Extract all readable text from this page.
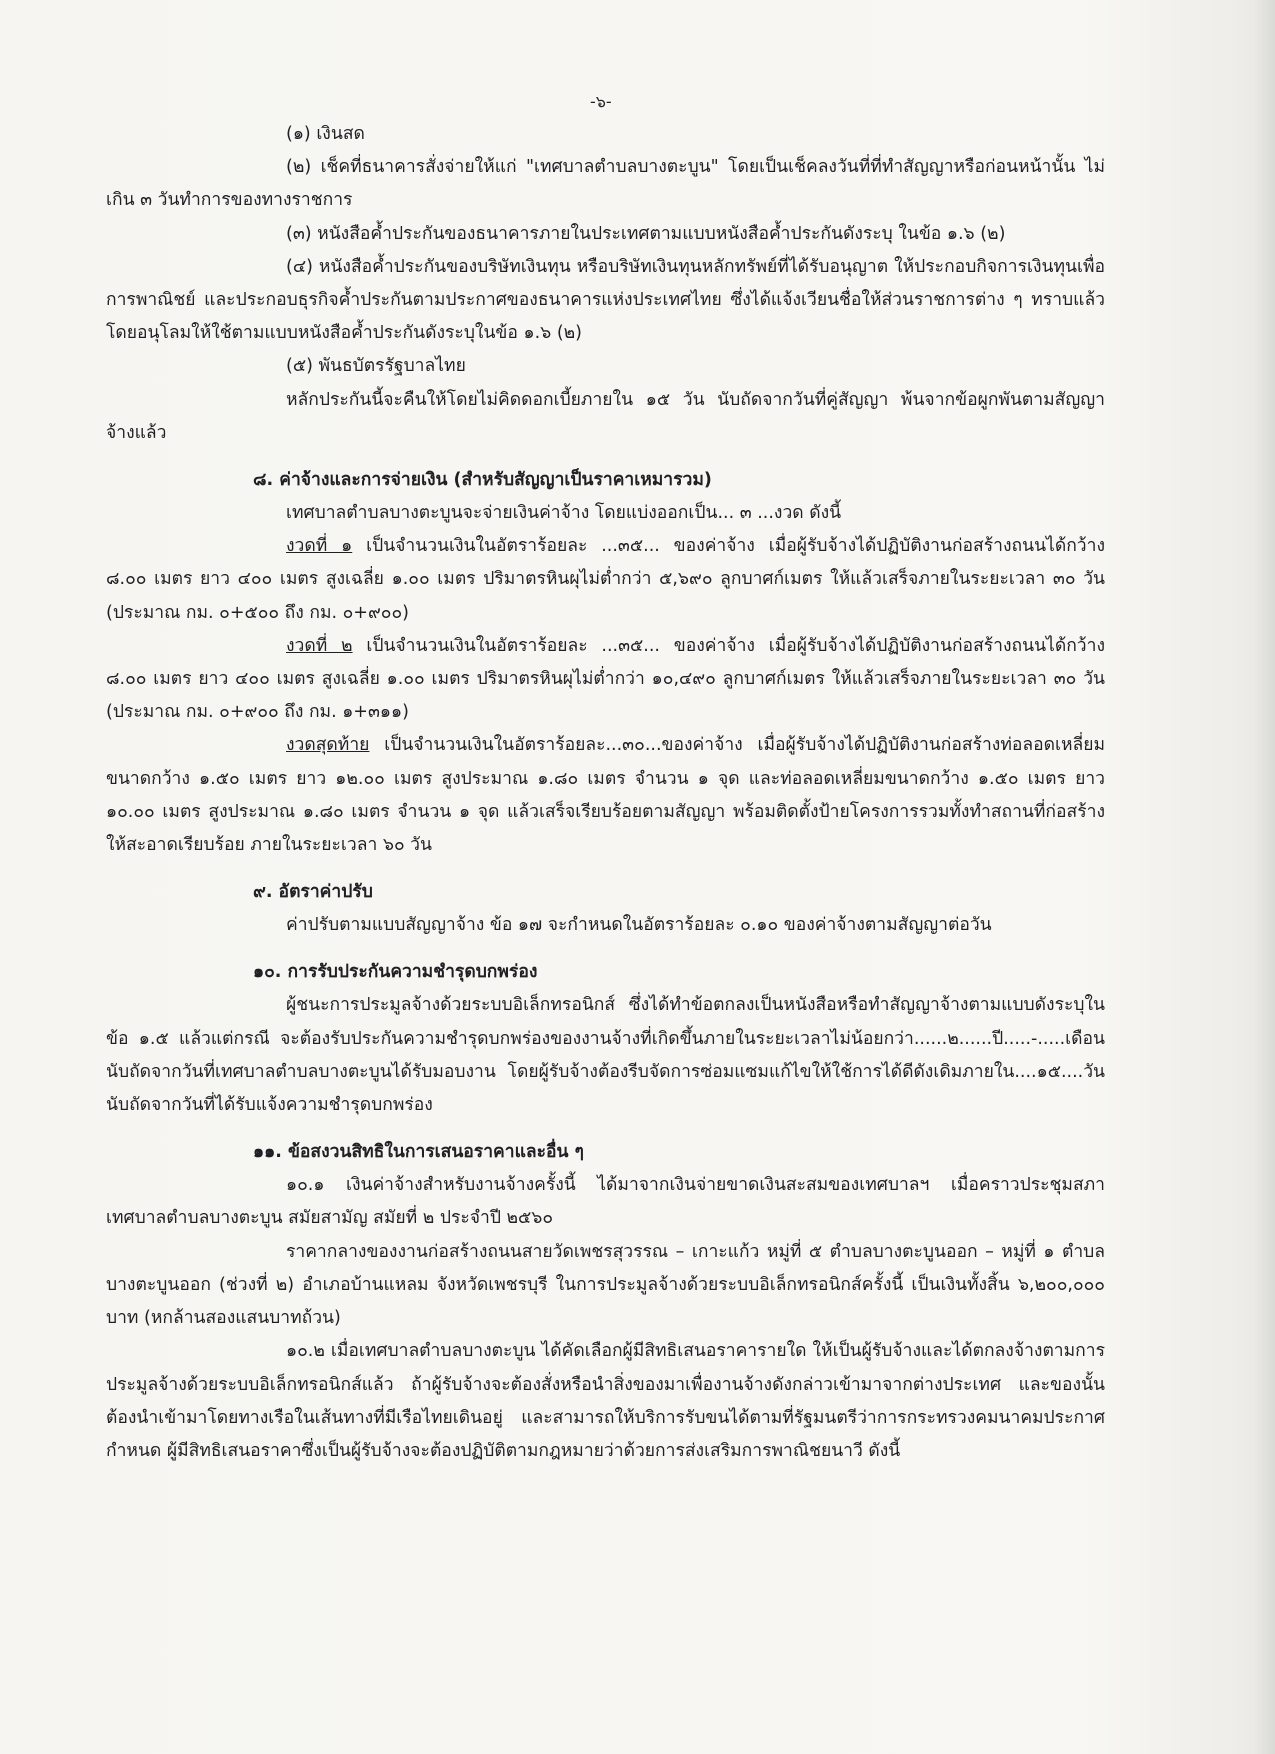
-๖-

(๑) เงินสด

(๒) เช็คที่ธนาคารสั่งจ่ายให้แก่ "เทศบาลตำบลบางตะบูน" โดยเป็นเช็คลงวันที่ที่ทำสัญญาหรือก่อนหน้านั้น ไม่เกิน ๓ วันทำการของทางราชการ

(๓) หนังสือค้ำประกันของธนาคารภายในประเทศตามแบบหนังสือค้ำประกันดังระบุ ในข้อ ๑.๖ (๒)

(๔) หนังสือค้ำประกันของบริษัทเงินทุน หรือบริษัทเงินทุนหลักทรัพย์ที่ได้รับอนุญาต ให้ประกอบกิจการเงินทุนเพื่อการพาณิชย์ และประกอบธุรกิจค้ำประกันตามประกาศของธนาคารแห่งประเทศไทย ซึ่งได้แจ้งเวียนชื่อให้ส่วนราชการต่าง ๆ ทราบแล้ว โดยอนุโลมให้ใช้ตามแบบหนังสือค้ำประกันดังระบุในข้อ ๑.๖ (๒)

(๕) พันธบัตรรัฐบาลไทย

หลักประกันนี้จะคืนให้โดยไม่คิดดอกเบี้ยภายใน ๑๕ วัน นับถัดจากวันที่คู่สัญญา พ้นจากข้อผูกพันตามสัญญาจ้างแล้ว

๘. ค่าจ้างและการจ่ายเงิน (สำหรับสัญญาเป็นราคาเหมารวม)

เทศบาลตำบลบางตะบูนจะจ่ายเงินค่าจ้าง โดยแบ่งออกเป็น... ๓ ...งวด ดังนี้

งวดที่ ๑ เป็นจำนวนเงินในอัตราร้อยละ ...๓๕... ของค่าจ้าง เมื่อผู้รับจ้างได้ปฏิบัติงานก่อสร้างถนนได้กว้าง ๘.๐๐ เมตร ยาว ๔๐๐ เมตร สูงเฉลี่ย ๑.๐๐ เมตร ปริมาตรหินผุไม่ต่ำกว่า ๕,๖๙๐ ลูกบาศก์เมตร ให้แล้วเสร็จภายในระยะเวลา ๓๐ วัน (ประมาณ กม. ๐+๕๐๐ ถึง กม. ๐+๙๐๐)

งวดที่ ๒ เป็นจำนวนเงินในอัตราร้อยละ ...๓๕... ของค่าจ้าง เมื่อผู้รับจ้างได้ปฏิบัติงานก่อสร้างถนนได้กว้าง ๘.๐๐ เมตร ยาว ๔๐๐ เมตร สูงเฉลี่ย ๑.๐๐ เมตร ปริมาตรหินผุไม่ต่ำกว่า ๑๐,๔๙๐ ลูกบาศก์เมตร ให้แล้วเสร็จภายในระยะเวลา ๓๐ วัน (ประมาณ กม. ๐+๙๐๐ ถึง กม. ๑+๓๑๑)

งวดสุดท้าย เป็นจำนวนเงินในอัตราร้อยละ...๓๐...ของค่าจ้าง เมื่อผู้รับจ้างได้ปฏิบัติงานก่อสร้างท่อลอดเหลี่ยม ขนาดกว้าง ๑.๕๐ เมตร ยาว ๑๒.๐๐ เมตร สูงประมาณ ๑.๘๐ เมตร จำนวน ๑ จุด และท่อลอดเหลี่ยมขนาดกว้าง ๑.๕๐ เมตร ยาว ๑๐.๐๐ เมตร สูงประมาณ ๑.๘๐ เมตร จำนวน ๑ จุด แล้วเสร็จเรียบร้อยตามสัญญา พร้อมติดตั้งป้ายโครงการรวมทั้งทำสถานที่ก่อสร้างให้สะอาดเรียบร้อย ภายในระยะเวลา ๖๐ วัน

๙. อัตราค่าปรับ

ค่าปรับตามแบบสัญญาจ้าง ข้อ ๑๗ จะกำหนดในอัตราร้อยละ ๐.๑๐ ของค่าจ้างตามสัญญาต่อวัน

๑๐. การรับประกันความชำรุดบกพร่อง

ผู้ชนะการประมูลจ้างด้วยระบบอิเล็กทรอนิกส์ ซึ่งได้ทำข้อตกลงเป็นหนังสือหรือทำสัญญาจ้างตามแบบดังระบุในข้อ ๑.๕ แล้วแต่กรณี จะต้องรับประกันความชำรุดบกพร่องของงานจ้างที่เกิดขึ้นภายในระยะเวลาไม่น้อยกว่า......๒......ปี.....-.....เดือน นับถัดจากวันที่เทศบาลตำบลบางตะบูนได้รับมอบงาน โดยผู้รับจ้างต้องรีบจัดการซ่อมแซมแก้ไขให้ใช้การได้ดีดังเดิมภายใน....๑๕....วัน นับถัดจากวันที่ได้รับแจ้งความชำรุดบกพร่อง

๑๑. ข้อสงวนสิทธิในการเสนอราคาและอื่น ๆ

๑๐.๑ เงินค่าจ้างสำหรับงานจ้างครั้งนี้ ได้มาจากเงินจ่ายขาดเงินสะสมของเทศบาลฯ เมื่อคราวประชุมสภาเทศบาลตำบลบางตะบูน สมัยสามัญ สมัยที่ ๒ ประจำปี ๒๕๖๐

ราคากลางของงานก่อสร้างถนนสายวัดเพชรสุวรรณ – เกาะแก้ว หมู่ที่ ๕ ตำบลบางตะบูนออก – หมู่ที่ ๑ ตำบลบางตะบูนออก (ช่วงที่ ๒) อำเภอบ้านแหลม จังหวัดเพชรบุรี ในการประมูลจ้างด้วยระบบอิเล็กทรอนิกส์ครั้งนี้ เป็นเงินทั้งสิ้น ๖,๒๐๐,๐๐๐ บาท (หกล้านสองแสนบาทถ้วน)

๑๐.๒ เมื่อเทศบาลตำบลบางตะบูน ได้คัดเลือกผู้มีสิทธิเสนอราคารายใด ให้เป็นผู้รับจ้างและได้ตกลงจ้างตามการประมูลจ้างด้วยระบบอิเล็กทรอนิกส์แล้ว ถ้าผู้รับจ้างจะต้องสั่งหรือนำสิ่งของมาเพื่องานจ้างดังกล่าวเข้ามาจากต่างประเทศ และของนั้นต้องนำเข้ามาโดยทางเรือในเส้นทางที่มีเรือไทยเดินอยู่ และสามารถให้บริการรับขนได้ตามที่รัฐมนตรีว่าการกระทรวงคมนาคมประกาศกำหนด ผู้มีสิทธิเสนอราคาซึ่งเป็นผู้รับจ้างจะต้องปฏิบัติตามกฎหมายว่าด้วยการส่งเสริมการพาณิชยนาวี ดังนี้
